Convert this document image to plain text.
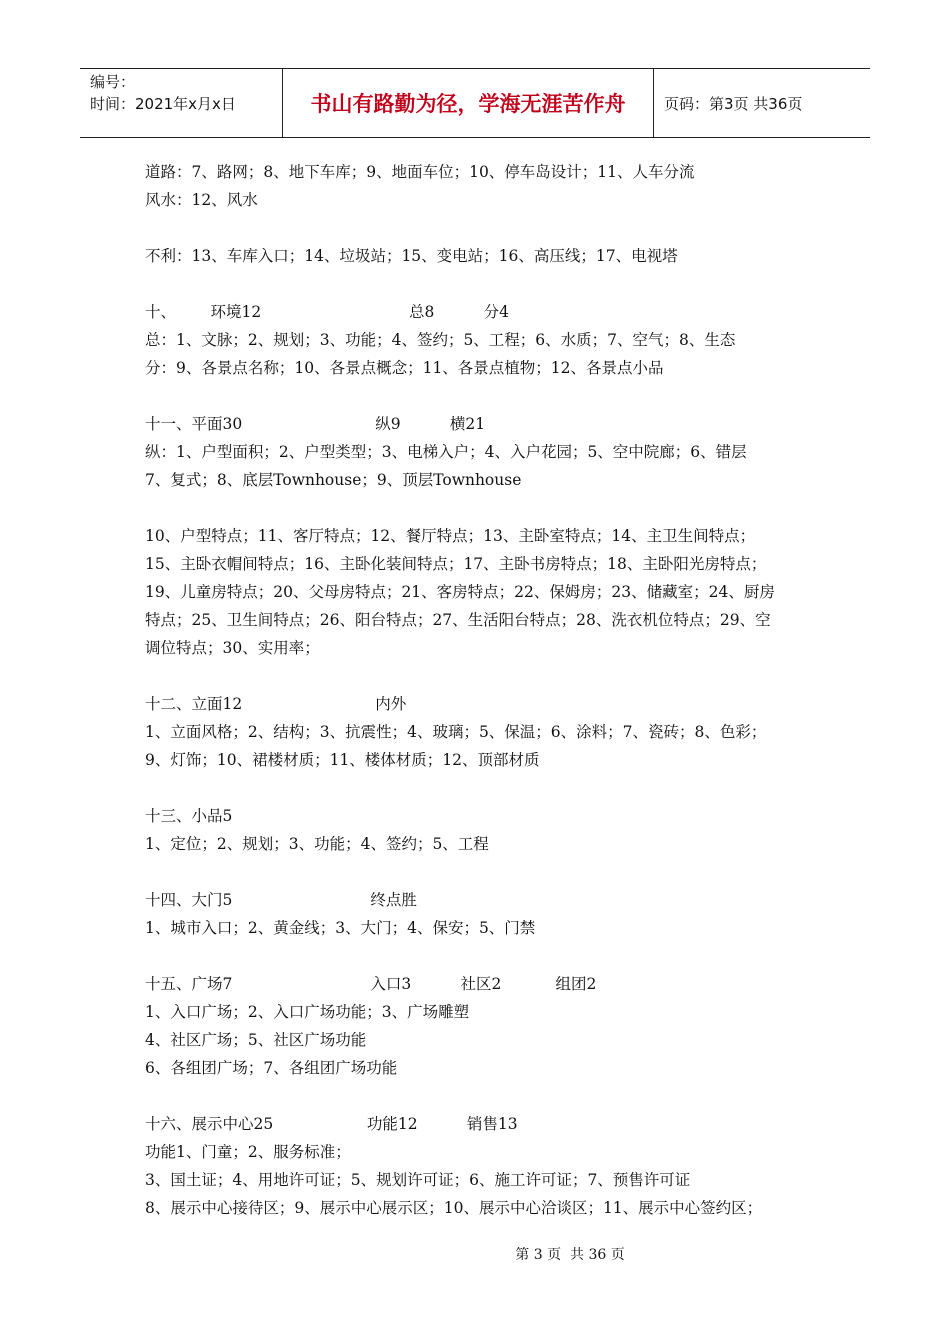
编号：
时间：2021年x月x日	书山有路勤为径，学海无涯苦作舟	页码：第3页 共36页
道路：7、路网；8、地下车库；9、地面车位；10、停车岛设计；11、人车分流
风水：12、风水
不利：13、车库入口；14、垃圾站；15、变电站；16、高压线；17、电视塔
十、       环境12                              总8          分4
总：1、文脉；2、规划；3、功能；4、签约；5、工程；6、水质；7、空气；8、生态
分：9、各景点名称；10、各景点概念；11、各景点植物；12、各景点小品
十一、平面30                           纵9          横21
纵：1、户型面积；2、户型类型；3、电梯入户；4、入户花园；5、空中院廊；6、错层
7、复式；8、底层Townhouse；9、顶层Townhouse
10、户型特点；11、客厅特点；12、餐厅特点；13、主卧室特点；14、主卫生间特点；
15、主卧衣帽间特点；16、主卧化装间特点；17、主卧书房特点；18、主卧阳光房特点；
19、儿童房特点；20、父母房特点；21、客房特点；22、保姆房；23、储藏室；24、厨房
特点；25、卫生间特点；26、阳台特点；27、生活阳台特点；28、洗衣机位特点；29、空
调位特点；30、实用率；
十二、立面12                           内外
1、立面风格；2、结构；3、抗震性；4、玻璃；5、保温；6、涂料；7、瓷砖；8、色彩；
9、灯饰；10、裙楼材质；11、楼体材质；12、顶部材质
十三、小品5
1、定位；2、规划；3、功能；4、签约；5、工程
十四、大门5                            终点胜
1、城市入口；2、黄金线；3、大门；4、保安；5、门禁
十五、广场7                            入口3          社区2           组团2
1、入口广场；2、入口广场功能；3、广场雕塑
4、社区广场；5、社区广场功能
6、各组团广场；7、各组团广场功能
十六、展示中心25                   功能12          销售13
功能1、门童；2、服务标准；
3、国土证；4、用地许可证；5、规划许可证；6、施工许可证；7、预售许可证
8、展示中心接待区；9、展示中心展示区；10、展示中心洽谈区；11、展示中心签约区；
第 3 页  共 36 页
